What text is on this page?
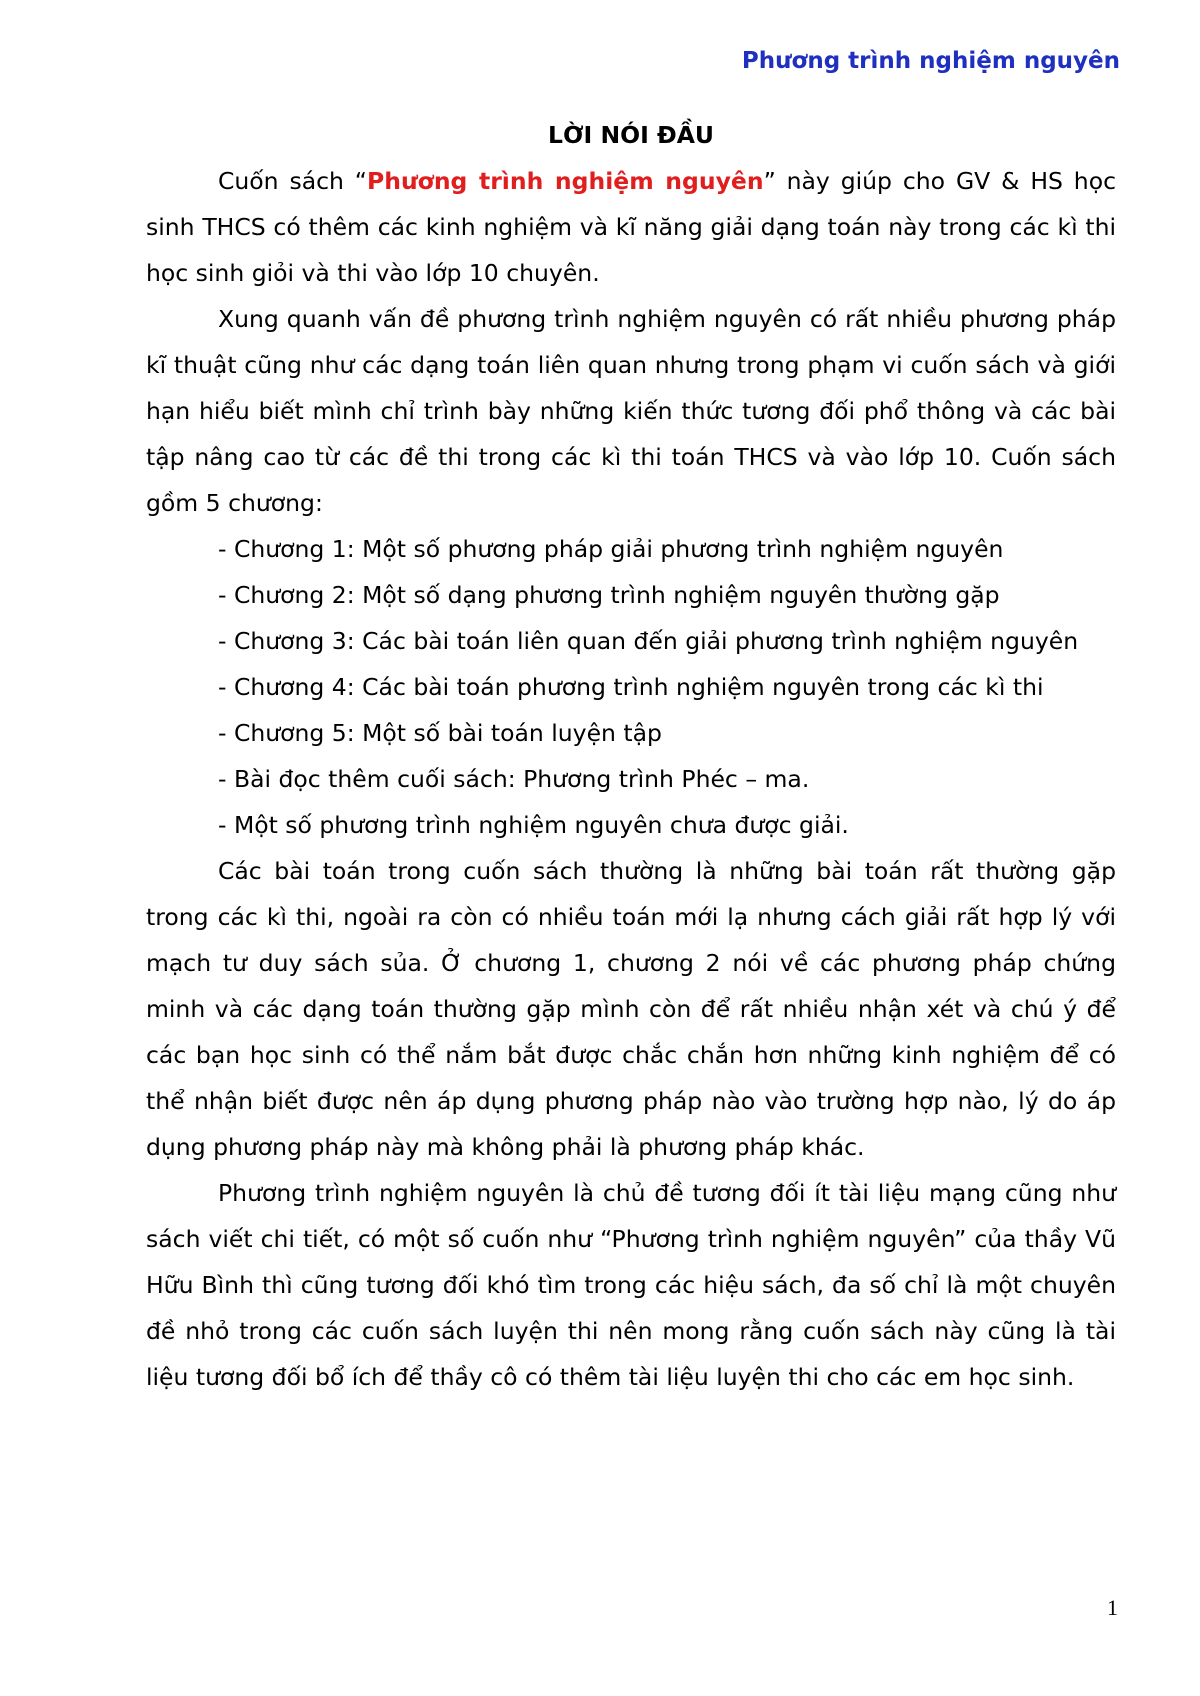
Phương trình nghiệm nguyên
LỜI NÓI ĐẦU

Cuốn sách “Phương trình nghiệm nguyên” này giúp cho GV & HS học sinh THCS có thêm các kinh nghiệm và kĩ năng giải dạng toán này trong các kì thi học sinh giỏi và thi vào lớp 10 chuyên.

Xung quanh vấn đề phương trình nghiệm nguyên có rất nhiều phương pháp kĩ thuật cũng như các dạng toán liên quan nhưng trong phạm vi cuốn sách và giới hạn hiểu biết mình chỉ trình bày những kiến thức tương đối phổ thông và các bài tập nâng cao từ các đề thi trong các kì thi toán THCS và vào lớp 10. Cuốn sách gồm 5 chương:

- Chương 1: Một số phương pháp giải phương trình nghiệm nguyên

- Chương 2: Một số dạng phương trình nghiệm nguyên thường gặp

- Chương 3: Các bài toán liên quan đến giải phương trình nghiệm nguyên

- Chương 4: Các bài toán phương trình nghiệm nguyên trong các kì thi

- Chương 5: Một số bài toán luyện tập

- Bài đọc thêm cuối sách: Phương trình Phéc – ma.

- Một số phương trình nghiệm nguyên chưa được giải.

Các bài toán trong cuốn sách thường là những bài toán rất thường gặp trong các kì thi, ngoài ra còn có nhiều toán mới lạ nhưng cách giải rất hợp lý với mạch tư duy sách sủa. Ở chương 1, chương 2 nói về các phương pháp chứng minh và các dạng toán thường gặp mình còn để rất nhiều nhận xét và chú ý để các bạn học sinh có thể nắm bắt được chắc chắn hơn những kinh nghiệm để có thể nhận biết được nên áp dụng phương pháp nào vào trường hợp nào, lý do áp dụng phương pháp này mà không phải là phương pháp khác.

Phương trình nghiệm nguyên là chủ đề tương đối ít tài liệu mạng cũng như sách viết chi tiết, có một số cuốn như “Phương trình nghiệm nguyên” của thầy Vũ Hữu Bình thì cũng tương đối khó tìm trong các hiệu sách, đa số chỉ là một chuyên đề nhỏ trong các cuốn sách luyện thi nên mong rằng cuốn sách này cũng là tài liệu tương đối bổ ích để thầy cô có thêm tài liệu luyện thi cho các em học sinh.

1
